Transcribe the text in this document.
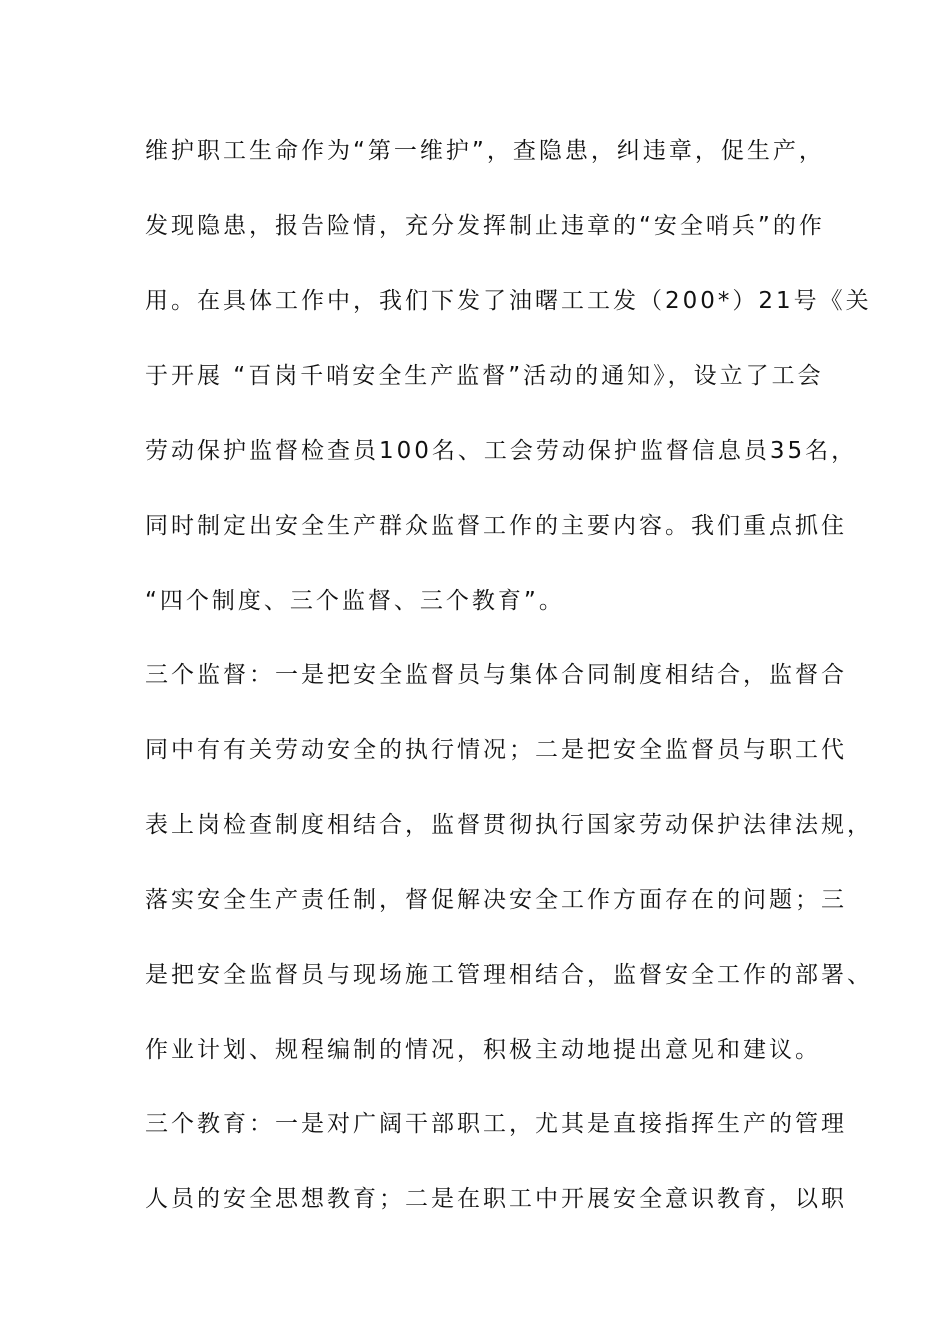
维护职工生命作为“第一维护”，查隐患，纠违章，促生产，
发现隐患，报告险情，充分发挥制止违章的“安全哨兵”的作
用。在具体工作中，我们下发了油曙工工发（200*）21号《关
于开展 “百岗千哨安全生产监督”活动的通知》，设立了工会
劳动保护监督检查员100名、工会劳动保护监督信息员35名，
同时制定出安全生产群众监督工作的主要内容。我们重点抓住
“四个制度、三个监督、三个教育”。
三个监督：一是把安全监督员与集体合同制度相结合，监督合
同中有有关劳动安全的执行情况；二是把安全监督员与职工代
表上岗检查制度相结合，监督贯彻执行国家劳动保护法律法规，
落实安全生产责任制，督促解决安全工作方面存在的问题；三
是把安全监督员与现场施工管理相结合，监督安全工作的部署、
作业计划、规程编制的情况，积极主动地提出意见和建议。
三个教育：一是对广阔干部职工，尤其是直接指挥生产的管理
人员的安全思想教育；二是在职工中开展安全意识教育，以职
